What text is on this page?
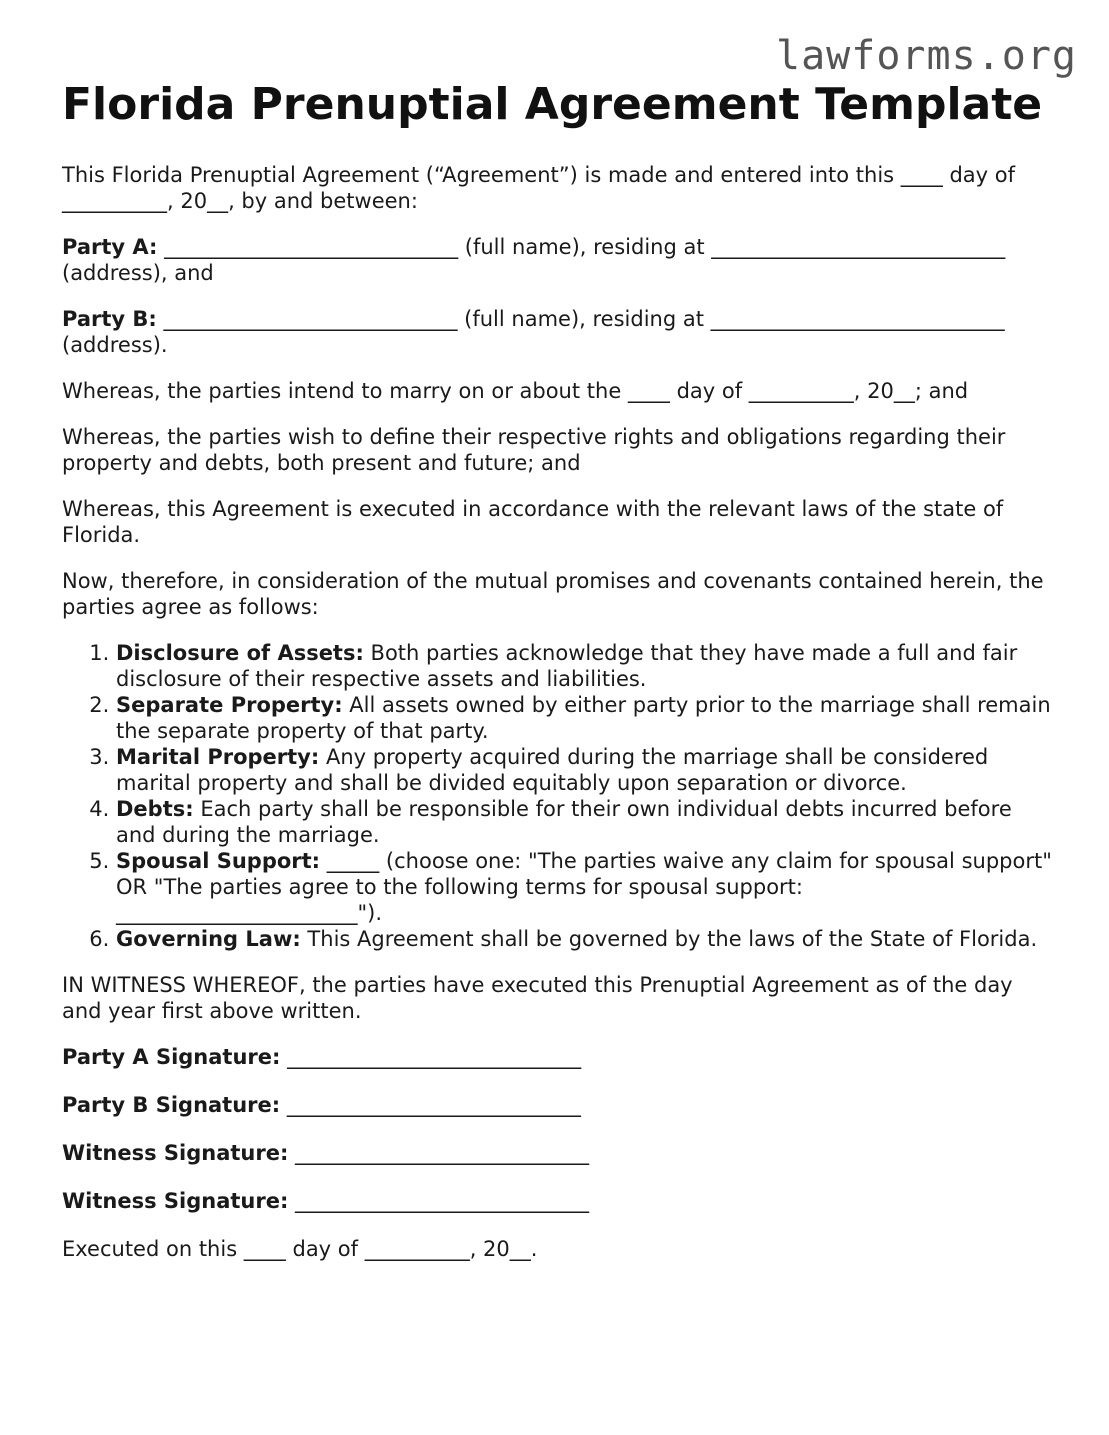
lawforms.org
Florida Prenuptial Agreement Template

This Florida Prenuptial Agreement (“Agreement”) is made and entered into this ____ day of __________, 20__, by and between:

Party A: ____________________________ (full name), residing at ____________________________ (address), and

Party B: ____________________________ (full name), residing at ____________________________ (address).

Whereas, the parties intend to marry on or about the ____ day of __________, 20__; and

Whereas, the parties wish to define their respective rights and obligations regarding their property and debts, both present and future; and

Whereas, this Agreement is executed in accordance with the relevant laws of the state of Florida.

Now, therefore, in consideration of the mutual promises and covenants contained herein, the parties agree as follows:

1. Disclosure of Assets: Both parties acknowledge that they have made a full and fair disclosure of their respective assets and liabilities.
2. Separate Property: All assets owned by either party prior to the marriage shall remain the separate property of that party.
3. Marital Property: Any property acquired during the marriage shall be considered marital property and shall be divided equitably upon separation or divorce.
4. Debts: Each party shall be responsible for their own individual debts incurred before and during the marriage.
5. Spousal Support: _____ (choose one: "The parties waive any claim for spousal support" OR "The parties agree to the following terms for spousal support: _______________________").
6. Governing Law: This Agreement shall be governed by the laws of the State of Florida.

IN WITNESS WHEREOF, the parties have executed this Prenuptial Agreement as of the day and year first above written.

Party A Signature: ____________________________

Party B Signature: ____________________________

Witness Signature: ____________________________

Witness Signature: ____________________________

Executed on this ____ day of __________, 20__.
